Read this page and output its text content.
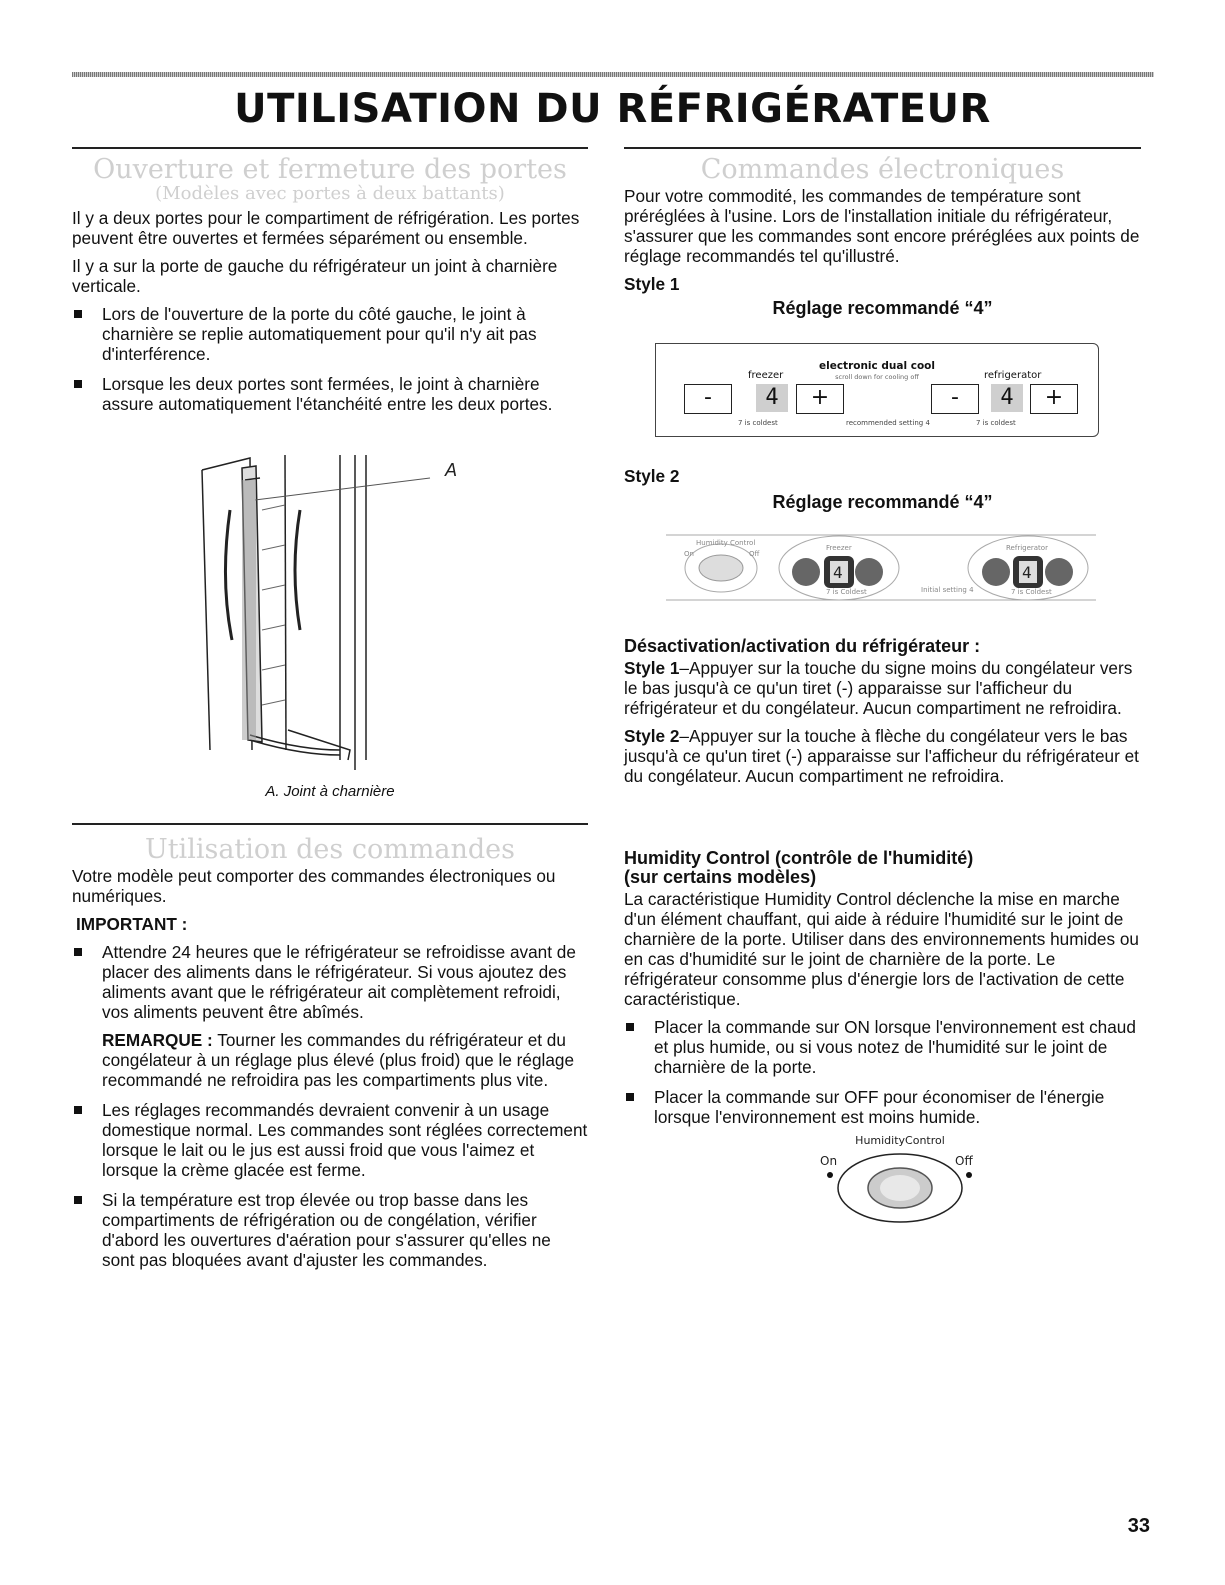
UTILISATION DU RÉFRIGÉRATEUR
Ouverture et fermeture des portes
(Modèles avec portes à deux battants)

Il y a deux portes pour le compartiment de réfrigération. Les portes peuvent être ouvertes et fermées séparément ou ensemble.

Il y a sur la porte de gauche du réfrigérateur un joint à charnière verticale.

Lors de l'ouverture de la porte du côté gauche, le joint à charnière se replie automatiquement pour qu'il n'y ait pas d'interférence.
Lorsque les deux portes sont fermées, le joint à charnière assure automatiquement l'étanchéité entre les deux portes.
A
A. Joint à charnière
Utilisation des commandes

Votre modèle peut comporter des commandes électroniques ou numériques.

IMPORTANT :

Attendre 24 heures que le réfrigérateur se refroidisse avant de placer des aliments dans le réfrigérateur. Si vous ajoutez des aliments avant que le réfrigérateur ait complètement refroidi, vos aliments peuvent être abîmés.

REMARQUE : Tourner les commandes du réfrigérateur et du congélateur à un réglage plus élevé (plus froid) que le réglage recommandé ne refroidira pas les compartiments plus vite.

Les réglages recommandés devraient convenir à un usage domestique normal. Les commandes sont réglées correctement lorsque le lait ou le jus est aussi froid que vous l'aimez et lorsque la crème glacée est ferme.
Si la température est trop élevée ou trop basse dans les compartiments de réfrigération ou de congélation, vérifier d'abord les ouvertures d'aération pour s'assurer qu'elles ne sont pas bloquées avant d'ajuster les commandes.
Commandes électroniques

Pour votre commodité, les commandes de température sont préréglées à l'usine. Lors de l'installation initiale du réfrigérateur, s'assurer que les commandes sont encore préréglées aux points de réglage recommandés tel qu'illustré.

Style 1
Réglage recommandé “4”
electronic dual cool
scroll down for cooling off
freezer	refrigerator
-	4	+	-	4	+
7 is coldest	recommended setting 4	7 is coldest
Style 2
Réglage recommandé “4”
Humidity Control
On	Off
Freezer	Refrigerator
7 is Coldest	Initial setting 4	7 is Coldest
4	4
Désactivation/activation du réfrigérateur :

Style 1–Appuyer sur la touche du signe moins du congélateur vers le bas jusqu'à ce qu'un tiret (-) apparaisse sur l'afficheur du réfrigérateur et du congélateur. Aucun compartiment ne refroidira.

Style 2–Appuyer sur la touche à flèche du congélateur vers le bas jusqu'à ce qu'un tiret (-) apparaisse sur l'afficheur du réfrigérateur et du congélateur. Aucun compartiment ne refroidira.

Humidity Control (contrôle de l'humidité)
(sur certains modèles)

La caractéristique Humidity Control déclenche la mise en marche d'un élément chauffant, qui aide à réduire l'humidité sur le joint de charnière de la porte. Utiliser dans des environnements humides ou en cas d'humidité sur le joint de charnière de la porte. Le réfrigérateur consomme plus d'énergie lors de l'activation de cette caractéristique.

Placer la commande sur ON lorsque l'environnement est chaud et plus humide, ou si vous notez de l'humidité sur le joint de charnière de la porte.
Placer la commande sur OFF pour économiser de l'énergie lorsque l'environnement est moins humide.
HumidityControl
On	Off
33
